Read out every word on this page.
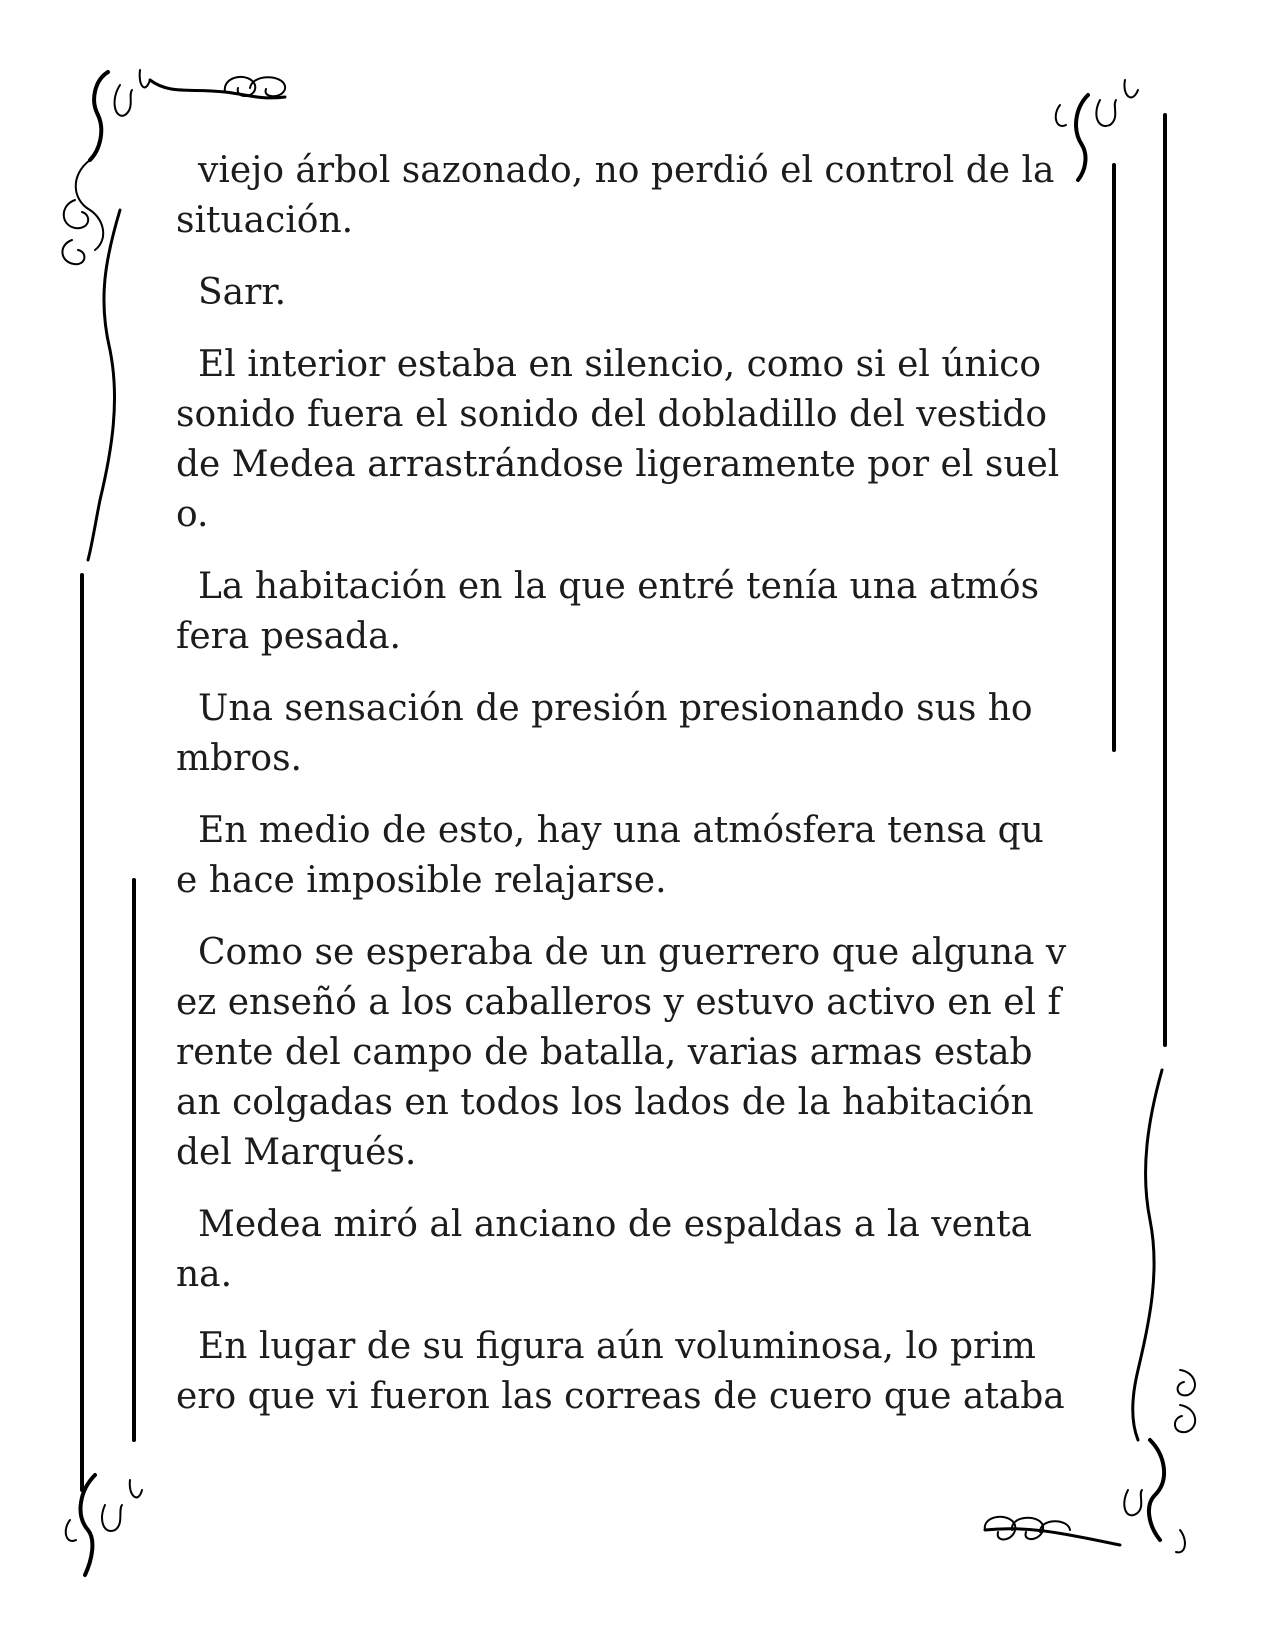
viejo árbol sazonado, no perdió el control de la
situación.

Sarr.

El interior estaba en silencio, como si el único
sonido fuera el sonido del dobladillo del vestido
de Medea arrastrándose ligeramente por el suel
o.

La habitación en la que entré tenía una atmós
fera pesada.

Una sensación de presión presionando sus ho
mbros.

En medio de esto, hay una atmósfera tensa qu
e hace imposible relajarse.

Como se esperaba de un guerrero que alguna v
ez enseñó a los caballeros y estuvo activo en el f
rente del campo de batalla, varias armas estab
an colgadas en todos los lados de la habitación
del Marqués.

Medea miró al anciano de espaldas a la venta
na.

En lugar de su figura aún voluminosa, lo prim
ero que vi fueron las correas de cuero que ataba
